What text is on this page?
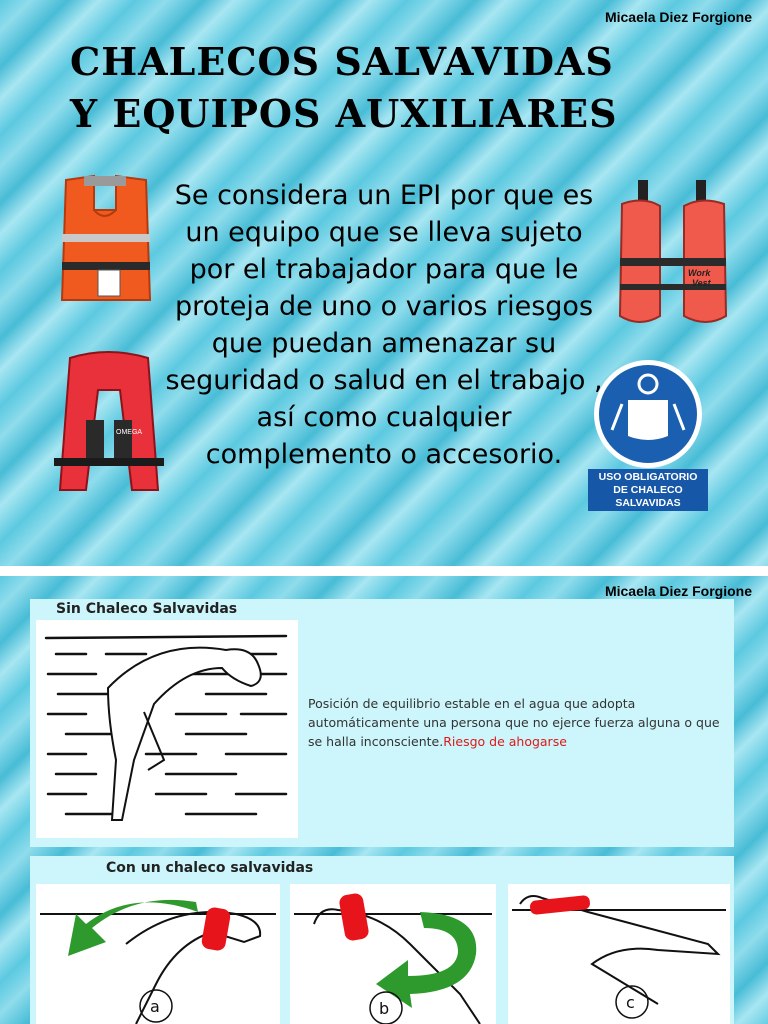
Micaela Diez Forgione
CHALECOS SALVAVIDAS
Y EQUIPOS AUXILIARES
OMEGA
Se considera un EPI por que es un equipo que se lleva sujeto por el trabajador para que le proteja de uno o varios riesgos que puedan amenazar su seguridad o salud en el trabajo , así como cualquier complemento o accesorio.
Work
Vest
USO OBLIGATORIO
DE CHALECO
SALVAVIDAS
Micaela Diez Forgione
Sin Chaleco Salvavidas
Posición de equilibrio estable en el agua que adopta automáticamente una persona que no ejerce fuerza alguna o que se halla inconsciente.Riesgo de ahogarse
Con un chaleco salvavidas
a	b	c
